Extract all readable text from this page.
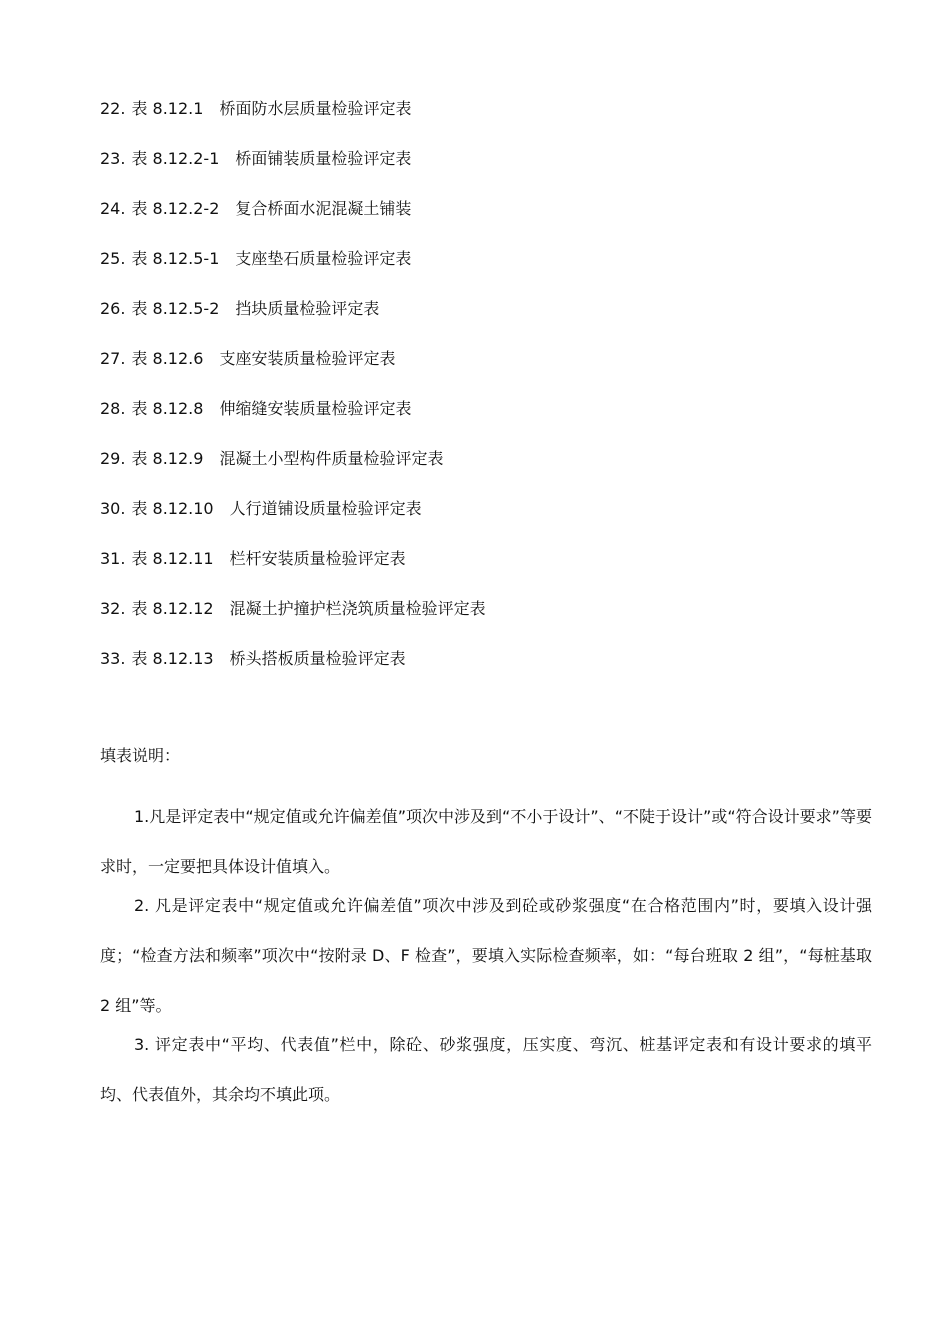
22. 表 8.12.1 桥面防水层质量检验评定表
23. 表 8.12.2-1 桥面铺装质量检验评定表
24. 表 8.12.2-2 复合桥面水泥混凝土铺装
25. 表 8.12.5-1 支座垫石质量检验评定表
26. 表 8.12.5-2 挡块质量检验评定表
27. 表 8.12.6 支座安装质量检验评定表
28. 表 8.12.8 伸缩缝安装质量检验评定表
29. 表 8.12.9 混凝土小型构件质量检验评定表
30. 表 8.12.10 人行道铺设质量检验评定表
31. 表 8.12.11 栏杆安装质量检验评定表
32. 表 8.12.12 混凝土护撞护栏浇筑质量检验评定表
33. 表 8.12.13 桥头搭板质量检验评定表
填表说明：

1.凡是评定表中“规定值或允许偏差值”项次中涉及到“不小于设计”、“不陡于设计”或“符合设计要求”等要求时，一定要把具体设计值填入。

2. 凡是评定表中“规定值或允许偏差值”项次中涉及到砼或砂浆强度“在合格范围内”时，要填入设计强度；“检查方法和频率”项次中“按附录 D、F 检查”，要填入实际检查频率，如：“每台班取 2 组”，“每桩基取 2 组”等。

3. 评定表中“平均、代表值”栏中，除砼、砂浆强度，压实度、弯沉、桩基评定表和有设计要求的填平均、代表值外，其余均不填此项。
